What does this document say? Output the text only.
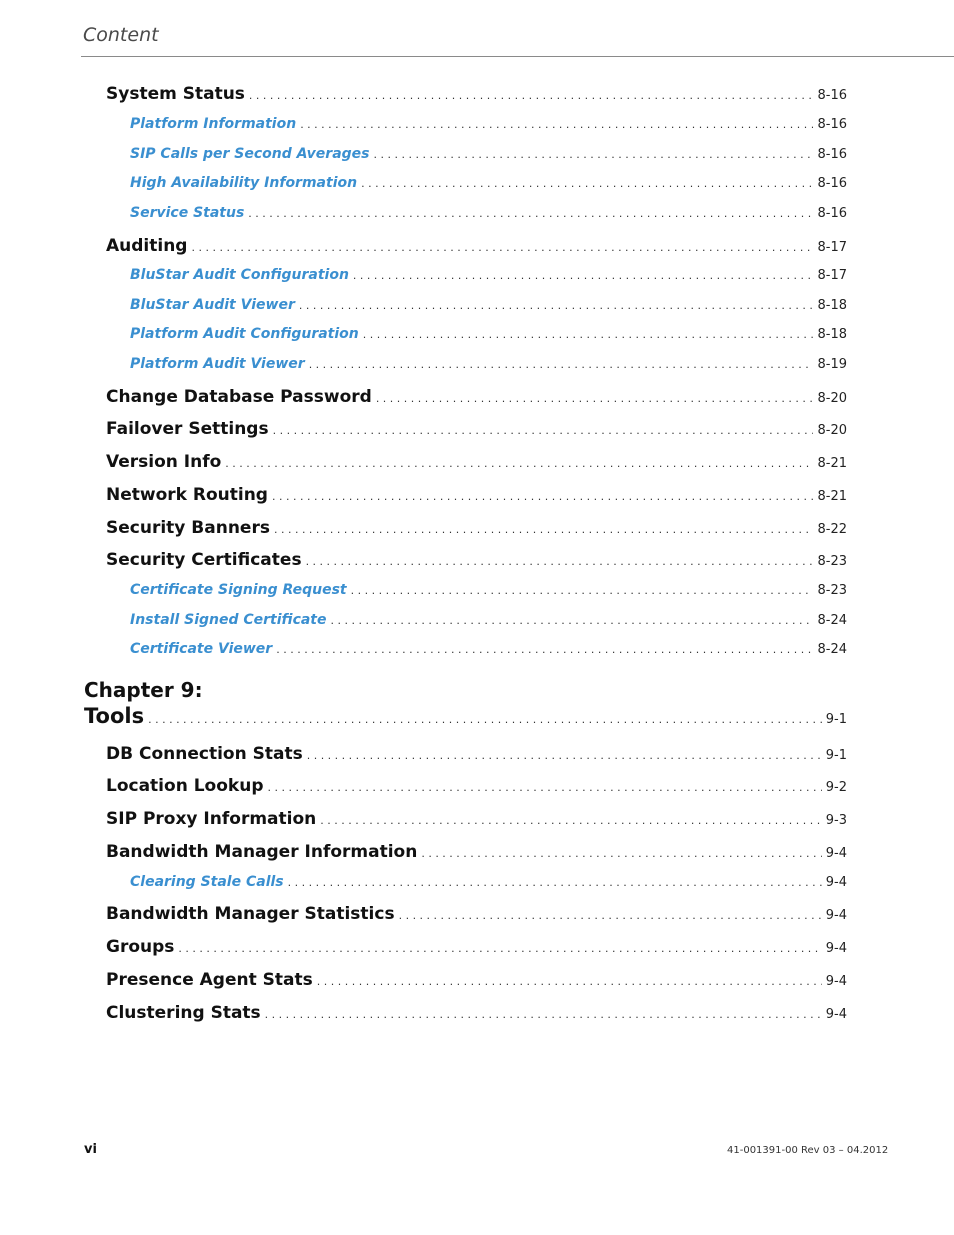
Content
System Status . . .	8-16
Platform Information . . .	8-16
SIP Calls per Second Averages . . .	8-16
High Availability Information . . .	8-16
Service Status . . .	8-16
Auditing . . .	8-17
BluStar Audit Configuration . . .	8-17
BluStar Audit Viewer . . .	8-18
Platform Audit Configuration . . .	8-18
Platform Audit Viewer . . .	8-19
Change Database Password . . .	8-20
Failover Settings . . .	8-20
Version Info . . .	8-21
Network Routing . . .	8-21
Security Banners . . .	8-22
Security Certificates . . .	8-23
Certificate Signing Request . . .	8-23
Install Signed Certificate . . .	8-24
Certificate Viewer . . .	8-24
Chapter 9:
Tools . . .	9-1
DB Connection Stats . . .	9-1
Location Lookup . . .	9-2
SIP Proxy Information . . .	9-3
Bandwidth Manager Information . . .	9-4
Clearing Stale Calls . . .	9-4
Bandwidth Manager Statistics . . .	9-4
Groups . . .	9-4
Presence Agent Stats . . .	9-4
Clustering Stats . . .	9-4
vi	41-001391-00 Rev 03 – 04.2012
